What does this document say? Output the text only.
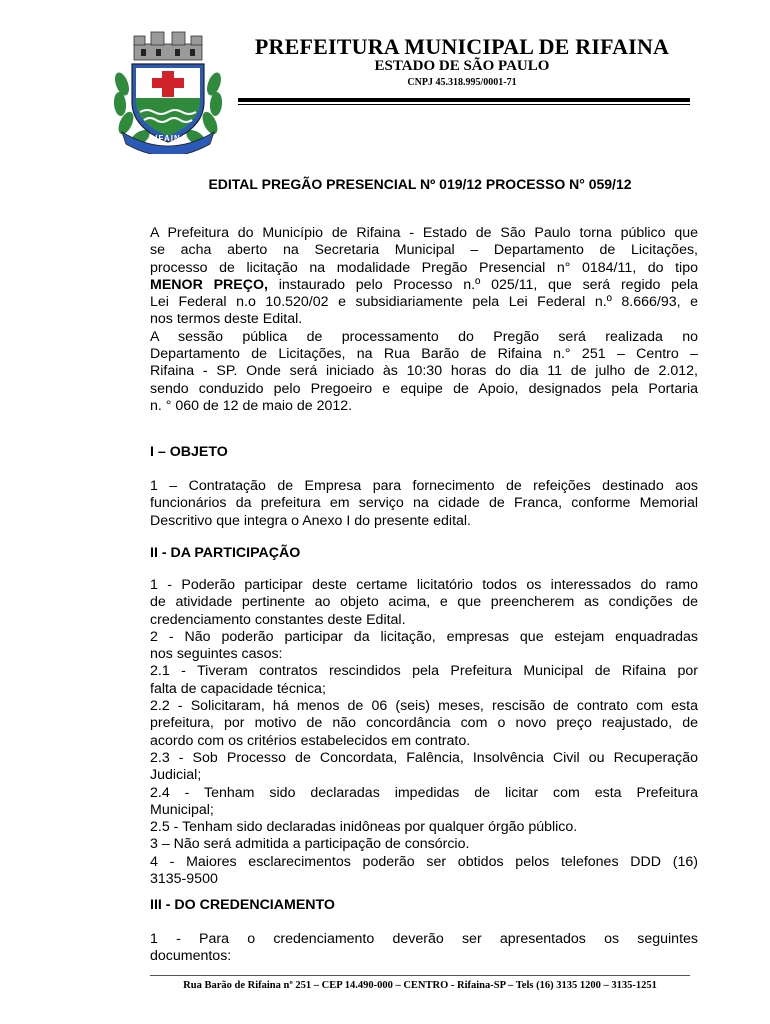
RIFAINA
PREFEITURA MUNICIPAL DE RIFAINA
ESTADO DE SÃO PAULO
CNPJ 45.318.995/0001-71
EDITAL PREGÃO PRESENCIAL Nº 019/12 PROCESSO N° 059/12
A Prefeitura do Município de Rifaina - Estado de São Paulo torna público que
se acha aberto na Secretaria Municipal – Departamento de Licitações,
processo de licitação na modalidade Pregão Presencial n° 0184/11, do tipo
MENOR PREÇO, instaurado pelo Processo n.º 025/11, que será regido pela
Lei Federal n.o 10.520/02 e subsidiariamente pela Lei Federal n.º 8.666/93, e
nos termos deste Edital.
A sessão pública de processamento do Pregão será realizada no
Departamento de Licitações, na Rua Barão de Rifaina n.° 251 – Centro –
Rifaina - SP. Onde será iniciado às 10:30 horas do dia 11 de julho de 2.012,
sendo conduzido pelo Pregoeiro e equipe de Apoio, designados pela Portaria
n. ° 060 de 12 de maio de 2012.
I – OBJETO
1 – Contratação de Empresa para fornecimento de refeições destinado aos
funcionários da prefeitura em serviço na cidade de Franca, conforme Memorial
Descritivo que integra o Anexo I do presente edital.
II - DA PARTICIPAÇÃO
1 - Poderão participar deste certame licitatório todos os interessados do ramo
de atividade pertinente ao objeto acima, e que preencherem as condições de
credenciamento constantes deste Edital.
2 - Não poderão participar da licitação, empresas que estejam enquadradas
nos seguintes casos:
2.1 - Tiveram contratos rescindidos pela Prefeitura Municipal de Rifaina por
falta de capacidade técnica;
2.2 - Solicitaram, há menos de 06 (seis) meses, rescisão de contrato com esta
prefeitura, por motivo de não concordância com o novo preço reajustado, de
acordo com os critérios estabelecidos em contrato.
2.3 - Sob Processo de Concordata, Falência, Insolvência Civil ou Recuperação
Judicial;
2.4 - Tenham sido declaradas impedidas de licitar com esta Prefeitura
Municipal;
2.5 - Tenham sido declaradas inidôneas por qualquer órgão público.
3 – Não será admitida a participação de consórcio.
4 - Maiores esclarecimentos poderão ser obtidos pelos telefones DDD (16)
3135-9500
III - DO CREDENCIAMENTO
1 - Para o credenciamento deverão ser apresentados os seguintes
documentos:
Rua Barão de Rifaina nº 251 – CEP 14.490-000 – CENTRO - Rifaina-SP – Tels (16) 3135 1200 – 3135-1251
